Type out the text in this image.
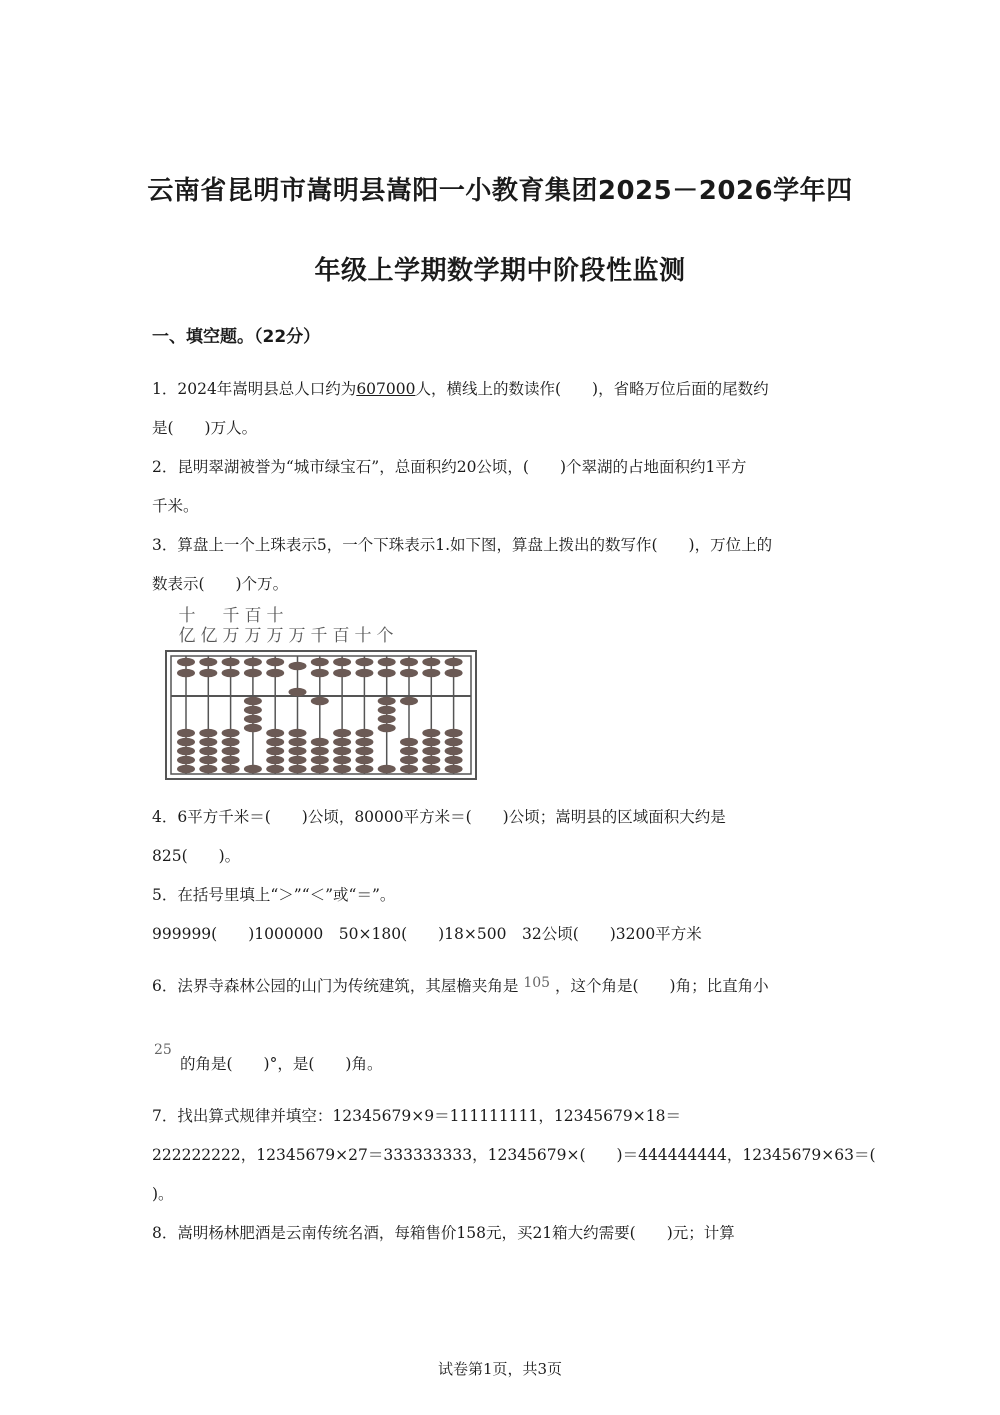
云南省昆明市嵩明县嵩阳一小教育集团2025－2026学年四
年级上学期数学期中阶段性监测
一、填空题。（22分）
1．2024年嵩明县总人口约为607000人，横线上的数读作(　　)，省略万位后面的尾数约
是(　　)万人。
2．昆明翠湖被誉为“城市绿宝石”，总面积约20公顷，(　　)个翠湖的占地面积约1平方
千米。
3．算盘上一个上珠表示5，一个下珠表示1.如下图，算盘上拨出的数写作(　　)，万位上的
数表示(　　)个万。
十 千 百 十
亿 亿 万 万 万 万 千 百 十 个
4．6平方千米＝(　　)公顷，80000平方米＝(　　)公顷；嵩明县的区域面积大约是
825(　　)。
5．在括号里填上“＞”“＜”或“＝”。
999999(　　)1000000　50×180(　　)18×500　32公顷(　　)3200平方米
6．法界寺森林公园的山门为传统建筑，其屋檐夹角是 105 ，这个角是(　　)角；比直角小
25
的角是(　　)°，是(　　)角。
7．找出算式规律并填空：12345679×9＝111111111，12345679×18＝
222222222，12345679×27＝333333333，12345679×(　　)＝444444444，12345679×63＝(
)。
8．嵩明杨林肥酒是云南传统名酒，每箱售价158元，买21箱大约需要(　　)元；计算
试卷第1页，共3页
